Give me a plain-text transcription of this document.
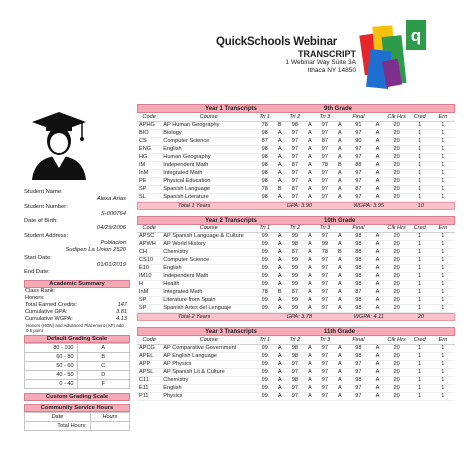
QuickSchools Webinar
TRANSCRIPT
1 Webinar Way Suite 3A
Ithaca NY 14850
q
Student Name:
Alexa Arias
Student Number:
S-000764
Date of Birth:
04/29/2006
Student Address:
Poblacion
Sudipen La Union 2520
Start Date:
01/01/2019
End Date:
Academic Summary
Class Rank:
Honors:
Total Earned Credits:	147
Cumulative GPA:	3.81
Cumulative WGPA:	4.13
Honors (HON) and Advanced Placement (AP) add 0.5 point
Default Grading Scale
80 - 100	A
60 - 80	B
50 - 60	C
40 - 50	D
0 - 40	F
Custom Grading Scale
Community Service Hours
Date	Hours
Total Hours:	
Year 1 Transcripts	9th Grade
Code	Course	Tri 1		Tri 2		Tri 3		Final		Clk Hrs	Cred	Ern
APHG	AP Human Geography	78	B	98	A	97	A	91	A	20	1	1
BIO	Biology	98	A	97	A	97	A	97	A	20	1	1
CS	Computer Science	87	A	97	A	87	A	90	A	20	1	1
ENG	English	98	A	97	A	97	A	97	A	20	1	1
HG	Human Geography	98	A	97	A	97	A	97	A	20	1	1
IM	Independent Math	98	A	87	A	78	B	88	A	20	1	1
InM	Integrated Math	98	A	97	A	97	A	97	A	20	1	1
PE	Physical Education	98	A	97	A	97	A	97	A	20	1	1
SP	Spanish Language	78	B	87	A	97	A	87	A	20	1	1
SL	Spanish Literature	98	A	97	A	97	A	97	A	20	1	1
Total 1 Years	GPA: 3.90	WGPA: 3.95	10
Year 2 Transcripts	10th Grade
Code	Course	Tri 1		Tri 2		Tri 3		Final		Clk Hrs	Cred	Ern
APSC	AP Spanish Language & Culture	99	A	99	A	97	A	98	A	20	1	1
APWH	AP World History	99	A	98	A	99	A	98	A	20	1	1
CH	Chemistry	99	A	87	A	78	B	88	A	20	1	1
CS10	Computer Science	99	A	99	A	97	A	98	A	20	1	1
E10	English	99	A	99	A	97	A	98	A	20	1	1
IM10	Independent Math	99	A	99	A	97	A	98	A	20	1	1
H	Health	99	A	99	A	97	A	98	A	20	1	1
InM	Integrated Math	78	B	87	A	97	A	87	A	20	1	1
SP	Literature from Spain	99	A	99	A	97	A	98	A	20	1	1
SP	Spanish Artes del Lenguaje	99	A	99	A	97	A	98	A	20	1	1
Total 2 Years	GPA: 3.78	WGPA: 4.11	20
Year 3 Transcripts	11th Grade
Code	Course	Tri 1		Tri 2		Tri 3		Final		Clk Hrs	Cred	Ern
APCG	AP Comparative Government	99	A	98	A	97	A	98	A	20	1	1
APEL	AP English Language	99	A	98	A	97	A	98	A	20	1	1
APP	AP Physics	99	A	97	A	97	A	97	A	20	1	1
APSL	AP Spanish Lit & Culture	99	A	97	A	97	A	97	A	20	1	1
C11	Chemistry	99	A	98	A	97	A	98	A	20	1	1
E11	English	99	A	97	A	97	A	97	A	20	1	1
P11	Physics	99	A	97	A	97	A	97	A	20	1	1
